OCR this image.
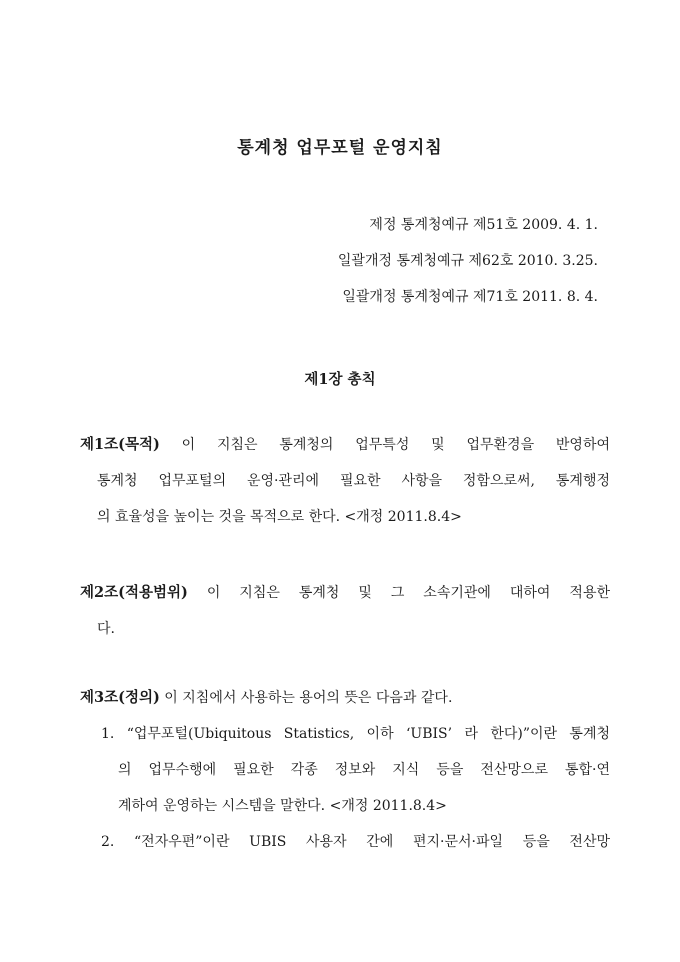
통계청 업무포털 운영지침
제정 통계청예규 제51호 2009. 4. 1.
일괄개정 통계청예규 제62호 2010. 3.25.
일괄개정 통계청예규 제71호 2011. 8. 4.
제1장 총칙
제1조(목적) 이 지침은 통계청의 업무특성 및 업무환경을 반영하여
통계청 업무포털의 운영·관리에 필요한 사항을 정함으로써, 통계행정
의 효율성을 높이는 것을 목적으로 한다. <개정 2011.8.4>
제2조(적용범위) 이 지침은 통계청 및 그 소속기관에 대하여 적용한
다.
제3조(정의) 이 지침에서 사용하는 용어의 뜻은 다음과 같다.
1. “업무포털(Ubiquitous Statistics, 이하 ‘UBIS’ 라 한다)”이란 통계청
의 업무수행에 필요한 각종 정보와 지식 등을 전산망으로 통합·연
계하여 운영하는 시스템을 말한다. <개정 2011.8.4>
2. “전자우편”이란 UBIS 사용자 간에 편지·문서·파일 등을 전산망
